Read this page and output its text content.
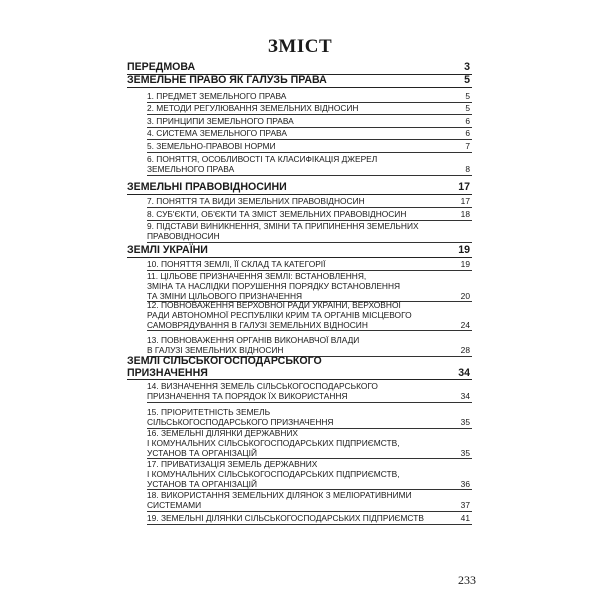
ЗМІСТ
ПЕРЕДМОВА	3
ЗЕМЕЛЬНЕ ПРАВО ЯК ГАЛУЗЬ ПРАВА	5
1. ПРЕДМЕТ ЗЕМЕЛЬНОГО ПРАВА	5
2. МЕТОДИ РЕГУЛЮВАННЯ ЗЕМЕЛЬНИХ ВІДНОСИН	5
3. ПРИНЦИПИ ЗЕМЕЛЬНОГО ПРАВА	6
4. СИСТЕМА ЗЕМЕЛЬНОГО ПРАВА	6
5. ЗЕМЕЛЬНО-ПРАВОВІ НОРМИ	7
6. ПОНЯТТЯ, ОСОБЛИВОСТІ ТА КЛАСИФІКАЦІЯ ДЖЕРЕЛ
ЗЕМЕЛЬНОГО ПРАВА	8
ЗЕМЕЛЬНІ ПРАВОВІДНОСИНИ	17
7. ПОНЯТТЯ ТА ВИДИ ЗЕМЕЛЬНИХ ПРАВОВІДНОСИН	17
8. СУБ'ЄКТИ, ОБ'ЄКТИ ТА ЗМІСТ ЗЕМЕЛЬНИХ ПРАВОВІДНОСИН	18
9. ПІДСТАВИ ВИНИКНЕННЯ, ЗМІНИ ТА ПРИПИНЕННЯ ЗЕМЕЛЬНИХ
ПРАВОВІДНОСИН
ЗЕМЛІ УКРАЇНИ	19
10. ПОНЯТТЯ ЗЕМЛІ, ЇЇ СКЛАД ТА КАТЕГОРІЇ	19
11. ЦІЛЬОВЕ ПРИЗНАЧЕННЯ ЗЕМЛІ: ВСТАНОВЛЕННЯ,
ЗМІНА ТА НАСЛІДКИ ПОРУШЕННЯ ПОРЯДКУ ВСТАНОВЛЕННЯ
ТА ЗМІНИ ЦІЛЬОВОГО ПРИЗНАЧЕННЯ	20
12. ПОВНОВАЖЕННЯ ВЕРХОВНОЇ РАДИ УКРАЇНИ, ВЕРХОВНОЇ
РАДИ АВТОНОМНОЇ РЕСПУБЛІКИ КРИМ ТА ОРГАНІВ МІСЦЕВОГО
САМОВРЯДУВАННЯ В ГАЛУЗІ ЗЕМЕЛЬНИХ ВІДНОСИН	24
13. ПОВНОВАЖЕННЯ ОРГАНІВ ВИКОНАВЧОЇ ВЛАДИ
В ГАЛУЗІ ЗЕМЕЛЬНИХ ВІДНОСИН	28
ЗЕМЛІ СІЛЬСЬКОГОСПОДАРСЬКОГО
ПРИЗНАЧЕННЯ	34
14. ВИЗНАЧЕННЯ ЗЕМЕЛЬ СІЛЬСЬКОГОСПОДАРСЬКОГО
ПРИЗНАЧЕННЯ ТА ПОРЯДОК ЇХ ВИКОРИСТАННЯ	34
15. ПРІОРИТЕТНІСТЬ ЗЕМЕЛЬ
СІЛЬСЬКОГОСПОДАРСЬКОГО ПРИЗНАЧЕННЯ	35
16. ЗЕМЕЛЬНІ ДІЛЯНКИ ДЕРЖАВНИХ
І КОМУНАЛЬНИХ СІЛЬСЬКОГОСПОДАРСЬКИХ ПІДПРИЄМСТВ,
УСТАНОВ ТА ОРГАНІЗАЦІЙ	35
17. ПРИВАТИЗАЦІЯ ЗЕМЕЛЬ ДЕРЖАВНИХ
І КОМУНАЛЬНИХ СІЛЬСЬКОГОСПОДАРСЬКИХ ПІДПРИЄМСТВ,
УСТАНОВ ТА ОРГАНІЗАЦІЙ	36
18. ВИКОРИСТАННЯ ЗЕМЕЛЬНИХ ДІЛЯНОК З МЕЛІОРАТИВНИМИ
СИСТЕМАМИ	37
19. ЗЕМЕЛЬНІ ДІЛЯНКИ СІЛЬСЬКОГОСПОДАРСЬКИХ ПІДПРИЄМСТВ	41
233
